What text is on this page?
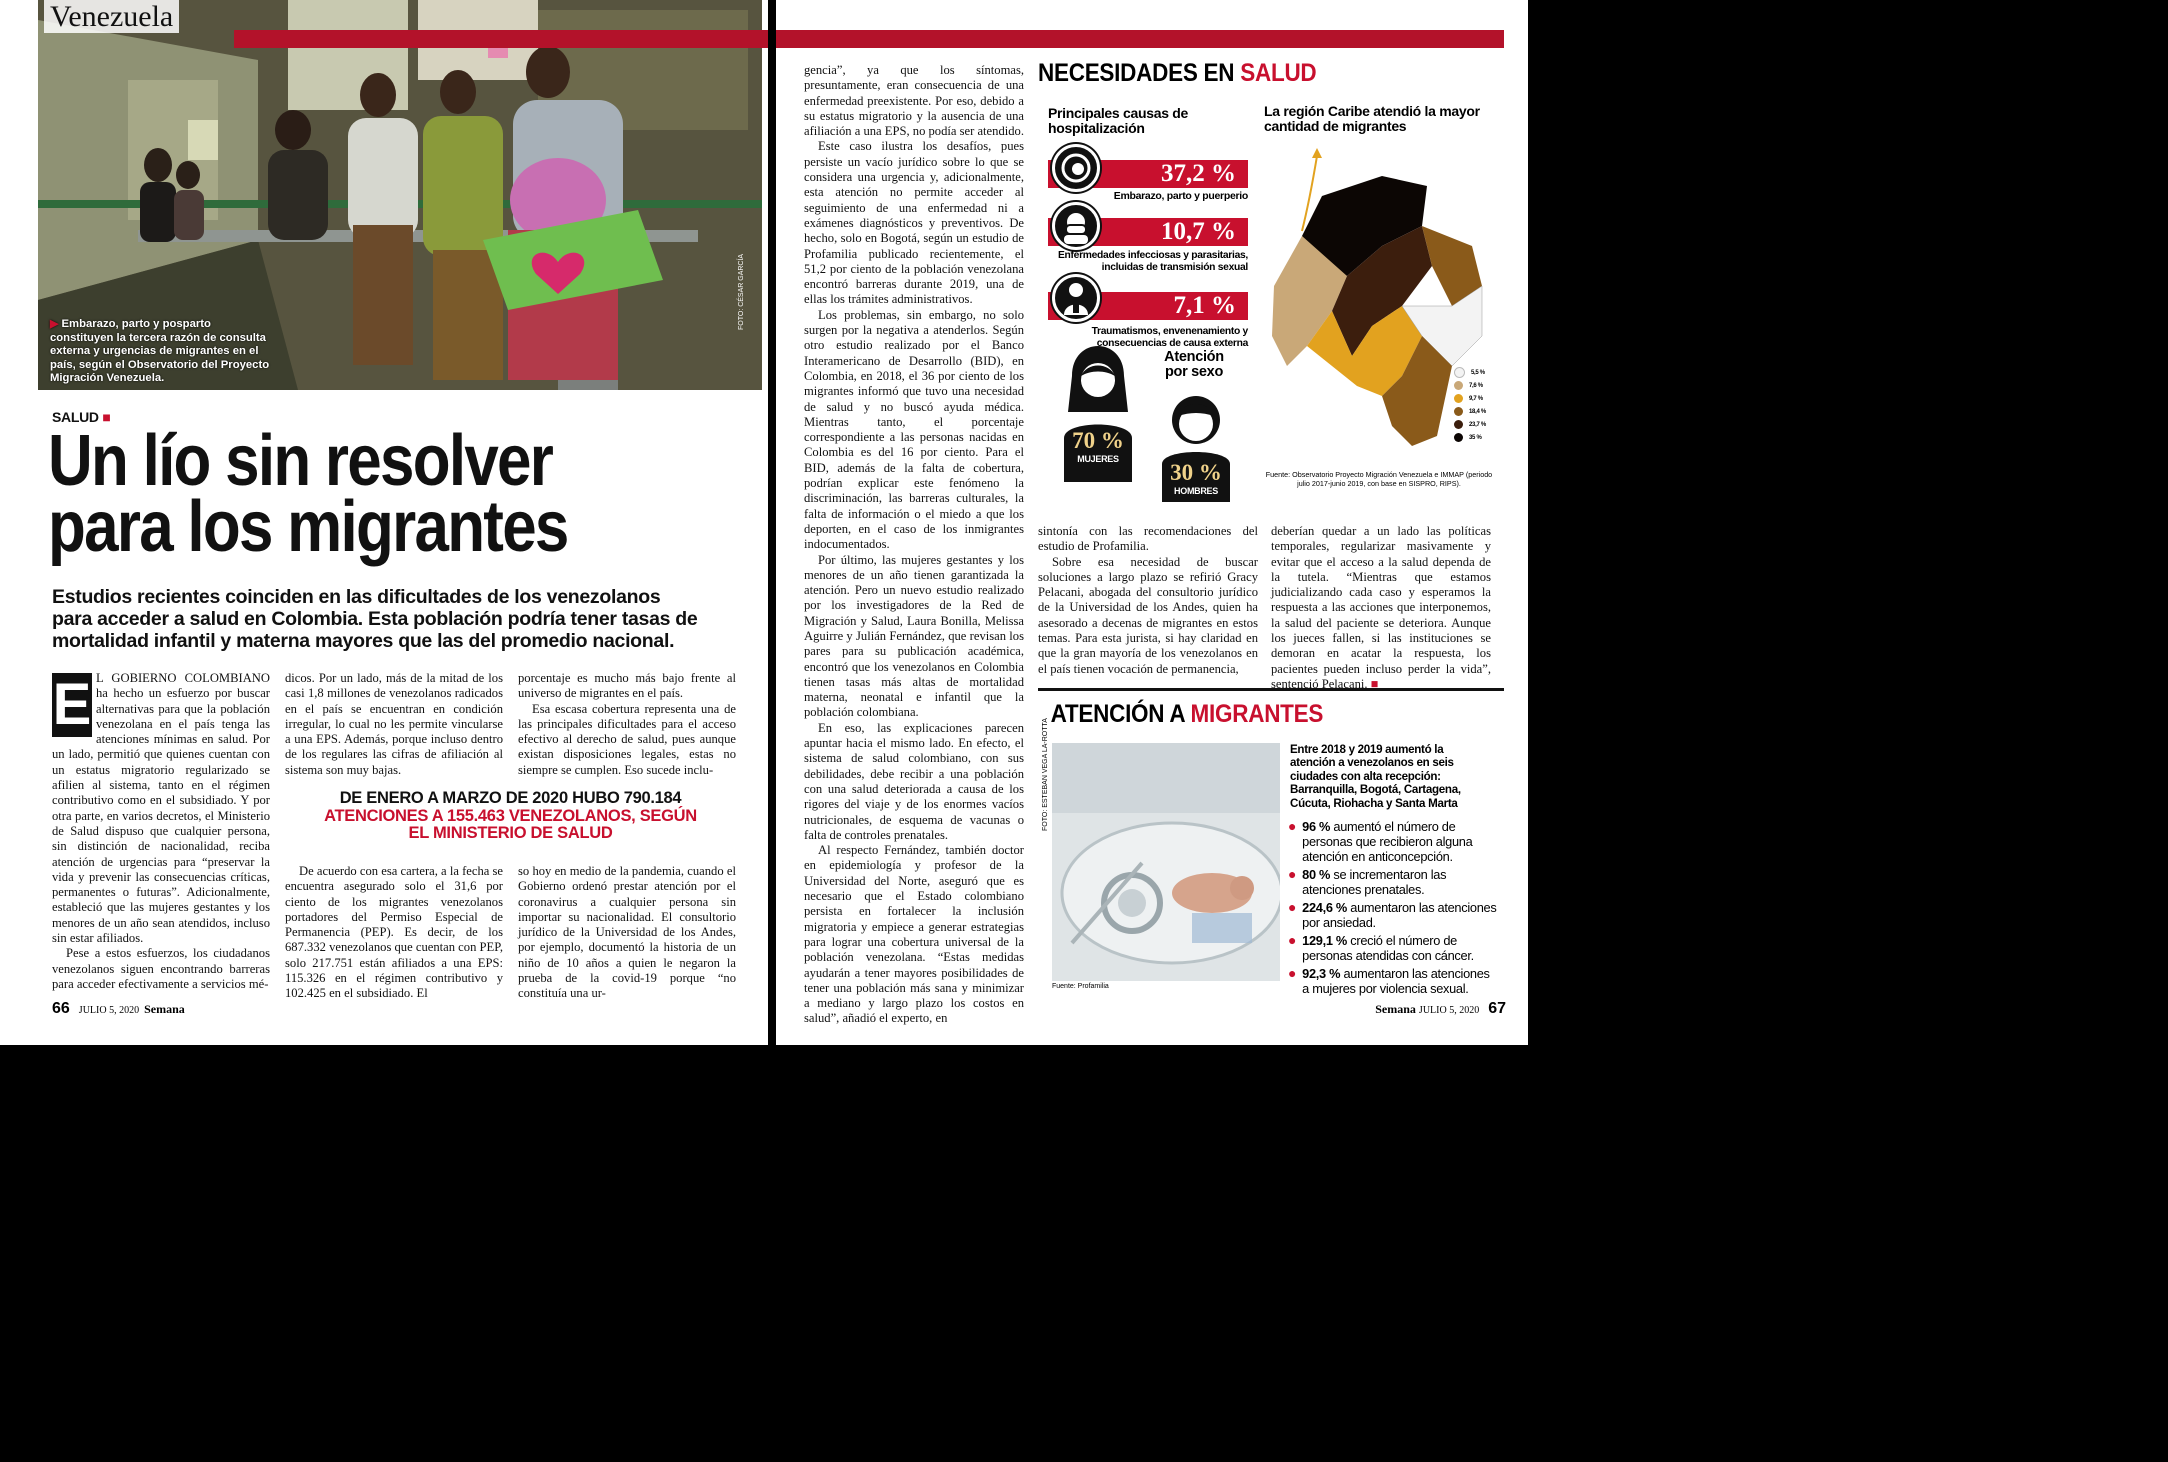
Venezuela
▶ Embarazo, parto y posparto constituyen la tercera razón de consulta externa y urgencias de migrantes en el país, según el Observatorio del Proyecto Migración Venezuela.
FOTO: CÉSAR GARCÍA
SALUD ■
Un lío sin resolver
para los migrantes
Estudios recientes coinciden en las dificultades de los venezolanos para acceder a salud en Colombia. Esta población podría tener tasas de mortalidad infantil y materna mayores que las del promedio nacional.
E L GOBIERNO COLOMBIANO ha hecho un esfuerzo por buscar alternativas para que la población venezolana en el país tenga las atenciones mínimas en salud. Por un lado, permitió que quienes cuentan con un estatus migratorio regularizado se afilien al sistema, tanto en el régimen contributivo como en el subsidiado. Y por otra parte, en varios decretos, el Ministerio de Salud dispuso que cualquier persona, sin distinción de nacionalidad, reciba atención de urgencias para “preservar la vida y prevenir las consecuencias críticas, permanentes o futuras”. Adicionalmente, estableció que las mujeres gestantes y los menores de un año sean atendidos, incluso sin estar afiliados.

Pese a estos esfuerzos, los ciudadanos venezolanos siguen encontrando barreras para acceder efectivamente a servicios mé-

dicos. Por un lado, más de la mitad de los casi 1,8 millones de venezolanos radicados en el país se encuentran en condición irregular, lo cual no les permite vincularse a una EPS. Además, porque incluso dentro de los regulares las cifras de afiliación al sistema son muy bajas.

porcentaje es mucho más bajo frente al universo de migrantes en el país.

Esa escasa cobertura representa una de las principales dificultades para el acceso efectivo al derecho de salud, pues aunque existan disposiciones legales, estas no siempre se cumplen. Eso sucede inclu-

DE ENERO A MARZO DE 2020 HUBO 790.184
ATENCIONES A 155.463 VENEZOLANOS, SEGÚN
EL MINISTERIO DE SALUD

De acuerdo con esa cartera, a la fecha se encuentra asegurado solo el 31,6 por ciento de los migrantes venezolanos portadores del Permiso Especial de Permanencia (PEP). Es decir, de los 687.332 venezolanos que cuentan con PEP, solo 217.751 están afiliados a una EPS: 115.326 en el régimen contributivo y 102.425 en el subsidiado. El

so hoy en medio de la pandemia, cuando el Gobierno ordenó prestar atención por el coronavirus a cualquier persona sin importar su nacionalidad. El consultorio jurídico de la Universidad de los Andes, por ejemplo, documentó la historia de un niño de 10 años a quien le negaron la prueba de la covid-19 porque “no constituía una ur-

66 JULIO 5, 2020 Semana

gencia”, ya que los síntomas, presuntamente, eran consecuencia de una enfermedad preexistente. Por eso, debido a su estatus migratorio y la ausencia de una afiliación a una EPS, no podía ser atendido.

Este caso ilustra los desafíos, pues persiste un vacío jurídico sobre lo que se considera una urgencia y, adicionalmente, esta atención no permite acceder al seguimiento de una enfermedad ni a exámenes diagnósticos y preventivos. De hecho, solo en Bogotá, según un estudio de Profamilia publicado recientemente, el 51,2 por ciento de la población venezolana encontró barreras durante 2019, una de ellas los trámites administrativos.

Los problemas, sin embargo, no solo surgen por la negativa a atenderlos. Según otro estudio realizado por el Banco Interamericano de Desarrollo (BID), en Colombia, en 2018, el 36 por ciento de los migrantes informó que tuvo una necesidad de salud y no buscó ayuda médica. Mientras tanto, el porcentaje correspondiente a las personas nacidas en Colombia es del 16 por ciento. Para el BID, además de la falta de cobertura, podrían explicar este fenómeno la discriminación, las barreras culturales, la falta de información o el miedo a que los deporten, en el caso de los inmigrantes indocumentados.

Por último, las mujeres gestantes y los menores de un año tienen garantizada la atención. Pero un nuevo estudio realizado por los investigadores de la Red de Migración y Salud, Laura Bonilla, Melissa Aguirre y Julián Fernández, que revisan los pares para su publicación académica, encontró que los venezolanos en Colombia tienen tasas más altas de mortalidad materna, neonatal e infantil que la población colombiana.

En eso, las explicaciones parecen apuntar hacia el mismo lado. En efecto, el sistema de salud colombiano, con sus debilidades, debe recibir a una población con una salud deteriorada a causa de los rigores del viaje y de los enormes vacíos nutricionales, de esquema de vacunas o falta de controles prenatales.

Al respecto Fernández, también doctor en epidemiología y profesor de la Universidad del Norte, aseguró que es necesario que el Estado colombiano persista en fortalecer la inclusión migratoria y empiece a generar estrategias para lograr una cobertura universal de la población venezolana. “Estas medidas ayudarán a tener mayores posibilidades de tener una población más sana y minimizar a mediano y largo plazo los costos en salud”, añadió el experto, en

sintonía con las recomendaciones del estudio de Profamilia.

Sobre esa necesidad de buscar soluciones a largo plazo se refirió Gracy Pelacani, abogada del consultorio jurídico de la Universidad de los Andes, quien ha asesorado a decenas de migrantes en estos temas. Para esta jurista, si hay claridad en que la gran mayoría de los venezolanos en el país tienen vocación de permanencia,

deberían quedar a un lado las políticas temporales, regularizar masivamente y evitar que el acceso a la salud dependa de la tutela. “Mientras que estamos judicializando cada caso y esperamos la respuesta a las acciones que interponemos, la salud del paciente se deteriora. Aunque los jueces fallen, si las instituciones se demoran en acatar la respuesta, los pacientes pueden incluso perder la vida”, sentenció Pelacani. ■

NECESIDADES EN SALUD
Principales causas de hospitalización
37,2 %
Embarazo, parto y puerperio
10,7 %
Enfermedades infecciosas y parasitarias, incluidas de transmisión sexual
7,1 %
Traumatismos, envenenamiento y consecuencias de causa externa
Atención por sexo
70 %
MUJERES
30 %
HOMBRES
La región Caribe atendió la mayor cantidad de migrantes
5,5 %
7,6 %
9,7 %
18,4 %
23,7 %
35 %
Fuente: Observatorio Proyecto Migración Venezuela e IMMAP (periodo julio 2017-junio 2019, con base en SISPRO, RIPS).
ATENCIÓN A MIGRANTES
FOTO: ESTEBAN VEGA LA-ROTTA
Fuente: Profamilia
Entre 2018 y 2019 aumentó la atención a venezolanos en seis ciudades con alta recepción: Barranquilla, Bogotá, Cartagena, Cúcuta, Riohacha y Santa Marta
● 96 % aumentó el número de personas que recibieron alguna atención en anticoncepción.
● 80 % se incrementaron las atenciones prenatales.
● 224,6 % aumentaron las atenciones por ansiedad.
● 129,1 % creció el número de personas atendidas con cáncer.
● 92,3 % aumentaron las atenciones a mujeres por violencia sexual.
Semana JULIO 5, 2020 67
